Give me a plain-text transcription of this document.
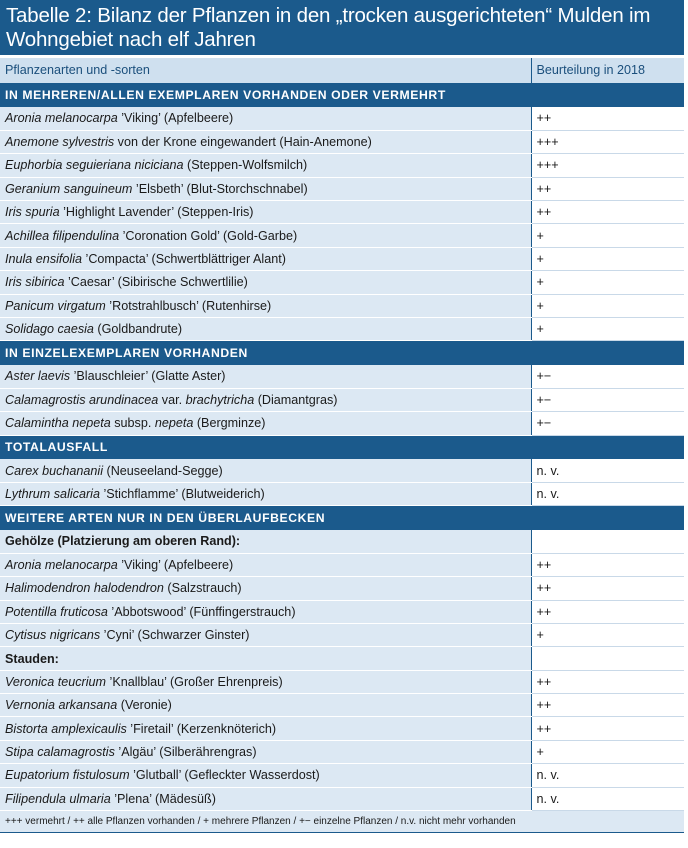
Tabelle 2: Bilanz der Pflanzen in den „trocken ausgerichteten“ Mulden im Wohngebiet nach elf Jahren
Pflanzenarten und -sorten	Beurteilung in 2018
IN MEHREREN/ALLEN EXEMPLAREN VORHANDEN ODER VERMEHRT	
Aronia melanocarpa ’Viking’ (Apfelbeere)	++
Anemone sylvestris von der Krone eingewandert (Hain-Anemone)	+++
Euphorbia seguieriana niciciana (Steppen-Wolfsmilch)	+++
Geranium sanguineum ’Elsbeth’ (Blut-Storchschnabel)	++
Iris spuria ’Highlight Lavender’ (Steppen-Iris)	++
Achillea filipendulina ’Coronation Gold’ (Gold-Garbe)	+
Inula ensifolia ’Compacta’ (Schwertblättriger Alant)	+
Iris sibirica ’Caesar’ (Sibirische Schwertlilie)	+
Panicum virgatum ’Rotstrahlbusch’ (Rutenhirse)	+
Solidago caesia (Goldbandrute)	+
IN EINZELEXEMPLAREN VORHANDEN	
Aster laevis ’Blauschleier’ (Glatte Aster)	+−
Calamagrostis arundinacea var. brachytricha (Diamantgras)	+−
Calamintha nepeta subsp. nepeta (Bergminze)	+−
TOTALAUSFALL	
Carex buchananii (Neuseeland-Segge)	n. v.
Lythrum salicaria ’Stichflamme’ (Blutweiderich)	n. v.
WEITERE ARTEN NUR IN DEN ÜBERLAUFBECKEN	
Gehölze (Platzierung am oberen Rand):	
Aronia melanocarpa ’Viking’ (Apfelbeere)	++
Halimodendron halodendron (Salzstrauch)	++
Potentilla fruticosa ’Abbotswood’ (Fünffingerstrauch)	++
Cytisus nigricans ’Cyni’ (Schwarzer Ginster)	+
Stauden:	
Veronica teucrium ’Knallblau’ (Großer Ehrenpreis)	++
Vernonia arkansana (Veronie)	++
Bistorta amplexicaulis ’Firetail’ (Kerzenknöterich)	++
Stipa calamagrostis ’Algäu’ (Silberährengras)	+
Eupatorium fistulosum ’Glutball’ (Gefleckter Wasserdost)	n. v.
Filipendula ulmaria ’Plena’ (Mädesüß)	n. v.
+++ vermehrt / ++ alle Pflanzen vorhanden / + mehrere Pflanzen / +− einzelne Pflanzen / n.v. nicht mehr vorhanden	
